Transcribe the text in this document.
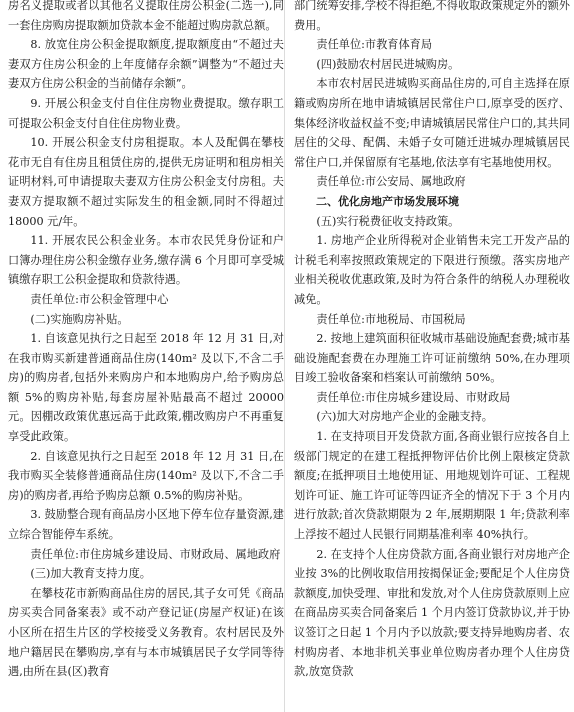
房名义提取或者以其他名义提取住房公积金(二选一),同一套住房购房提取额加贷款本金不能超过购房款总额。

8. 放宽住房公积金提取额度,提取额度由“不超过夫妻双方住房公积金的上年度储存余额”调整为“不超过夫妻双方住房公积金的当前储存余额”。

9. 开展公积金支付自住住房物业费提取。缴存职工可提取公积金支付自住住房物业费。

10. 开展公积金支付房租提取。本人及配偶在攀枝花市无自有住房且租赁住房的,提供无房证明和租房相关证明材料,可申请提取夫妻双方住房公积金支付房租。夫妻双方提取额不超过实际发生的租金额,同时不得超过 18000 元/年。

11. 开展农民公积金业务。本市农民凭身份证和户口簿办理住房公积金缴存业务,缴存满 6 个月即可享受城镇缴存职工公积金提取和贷款待遇。

责任单位:市公积金管理中心

(二)实施购房补贴。

1. 自该意见执行之日起至 2018 年 12 月 31 日,对在我市购买新建普通商品住房(140m² 及以下,不含二手房)的购房者,包括外来购房户和本地购房户,给予购房总额 5%的购房补贴,每套房屋补贴最高不超过 20000 元。因棚改政策优惠远高于此政策,棚改购房户不再重复享受此政策。

2. 自该意见执行之日起至 2018 年 12 月 31 日,在我市购买全装修普通商品住房(140m² 及以下,不含二手房)的购房者,再给予购房总额 0.5%的购房补贴。

3. 鼓励整合现有商品房小区地下停车位存量资源,建立综合智能停车系统。

责任单位:市住房城乡建设局、市财政局、属地政府

(三)加大教育支持力度。

在攀枝花市新购商品住房的居民,其子女可凭《商品房买卖合同备案表》或不动产登记证(房屋产权证)在该小区所在招生片区的学校接受义务教育。农村居民及外地户籍居民在攀购房,享有与本市城镇居民子女学同等待遇,由所在县(区)教育

部门统筹安排,学校不得拒绝,不得收取政策规定外的额外费用。

责任单位:市教育体育局

(四)鼓励农村居民进城购房。

本市农村居民进城购买商品住房的,可自主选择在原籍或购房所在地申请城镇居民常住户口,原享受的医疗、集体经济收益权益不变;申请城镇居民常住户口的,其共同居住的父母、配偶、未婚子女可随迁进城办理城镇居民常住户口,并保留原有宅基地,依法享有宅基地使用权。

责任单位:市公安局、属地政府

二、优化房地产市场发展环境

(五)实行税费征收支持政策。

1. 房地产企业所得税对企业销售未完工开发产品的计税毛利率按照政策规定的下限进行预缴。落实房地产业相关税收优惠政策,及时为符合条件的纳税人办理税收减免。

责任单位:市地税局、市国税局

2. 按地上建筑面积征收城市基础设施配套费;城市基础设施配套费在办理施工许可证前缴纳 50%,在办理项目竣工验收备案和档案认可前缴纳 50%。

责任单位:市住房城乡建设局、市财政局

(六)加大对房地产企业的金融支持。

1. 在支持项目开发贷款方面,各商业银行应按各自上级部门规定的在建工程抵押物评估价比例上限核定贷款额度;在抵押项目土地使用证、用地规划许可证、工程规划许可证、施工许可证等四证齐全的情况下于 3 个月内进行放款;首次贷款期限为 2 年,展期期限 1 年;贷款利率上浮按不超过人民银行同期基准利率 40%执行。

2. 在支持个人住房贷款方面,各商业银行对房地产企业按 3%的比例收取信用按揭保证金;要配足个人住房贷款额度,加快受理、审批和发放,对个人住房贷款原则上应在商品房买卖合同备案后 1 个月内签订贷款协议,并于协议签订之日起 1 个月内予以放款;要支持异地购房者、农村购房者、本地非机关事业单位购房者办理个人住房贷款,放宽贷款
